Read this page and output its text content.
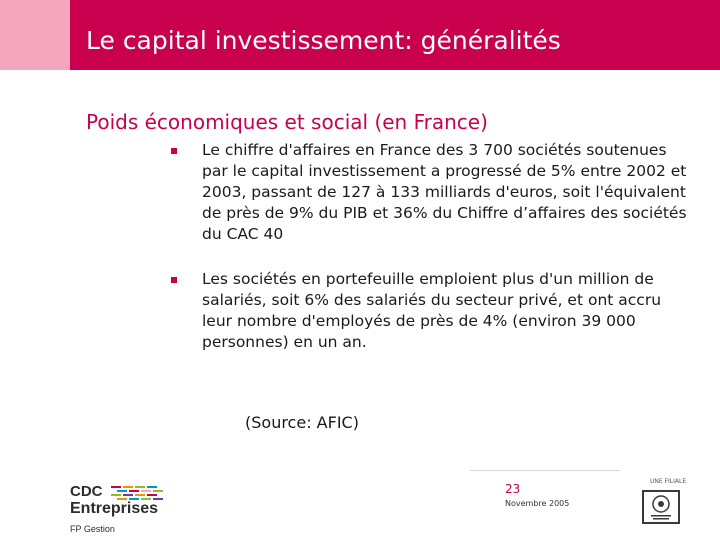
Le capital investissement: généralités
Poids économiques et social (en France)
Le chiffre d'affaires en France des 3 700 sociétés soutenues par le capital investissement a progressé de 5% entre 2002 et 2003, passant de 127 à 133 milliards d'euros, soit l'équivalent de près de 9% du PIB et 36% du Chiffre d’affaires des sociétés du CAC 40
Les sociétés en portefeuille emploient plus d'un million de salariés, soit 6% des salariés du secteur privé, et ont accru leur nombre d'employés de près de 4% (environ 39 000 personnes) en un an.

(Source: AFIC)

23
Novembre 2005
CDC
Entreprises
FP Gestion
UNE FILIALE
